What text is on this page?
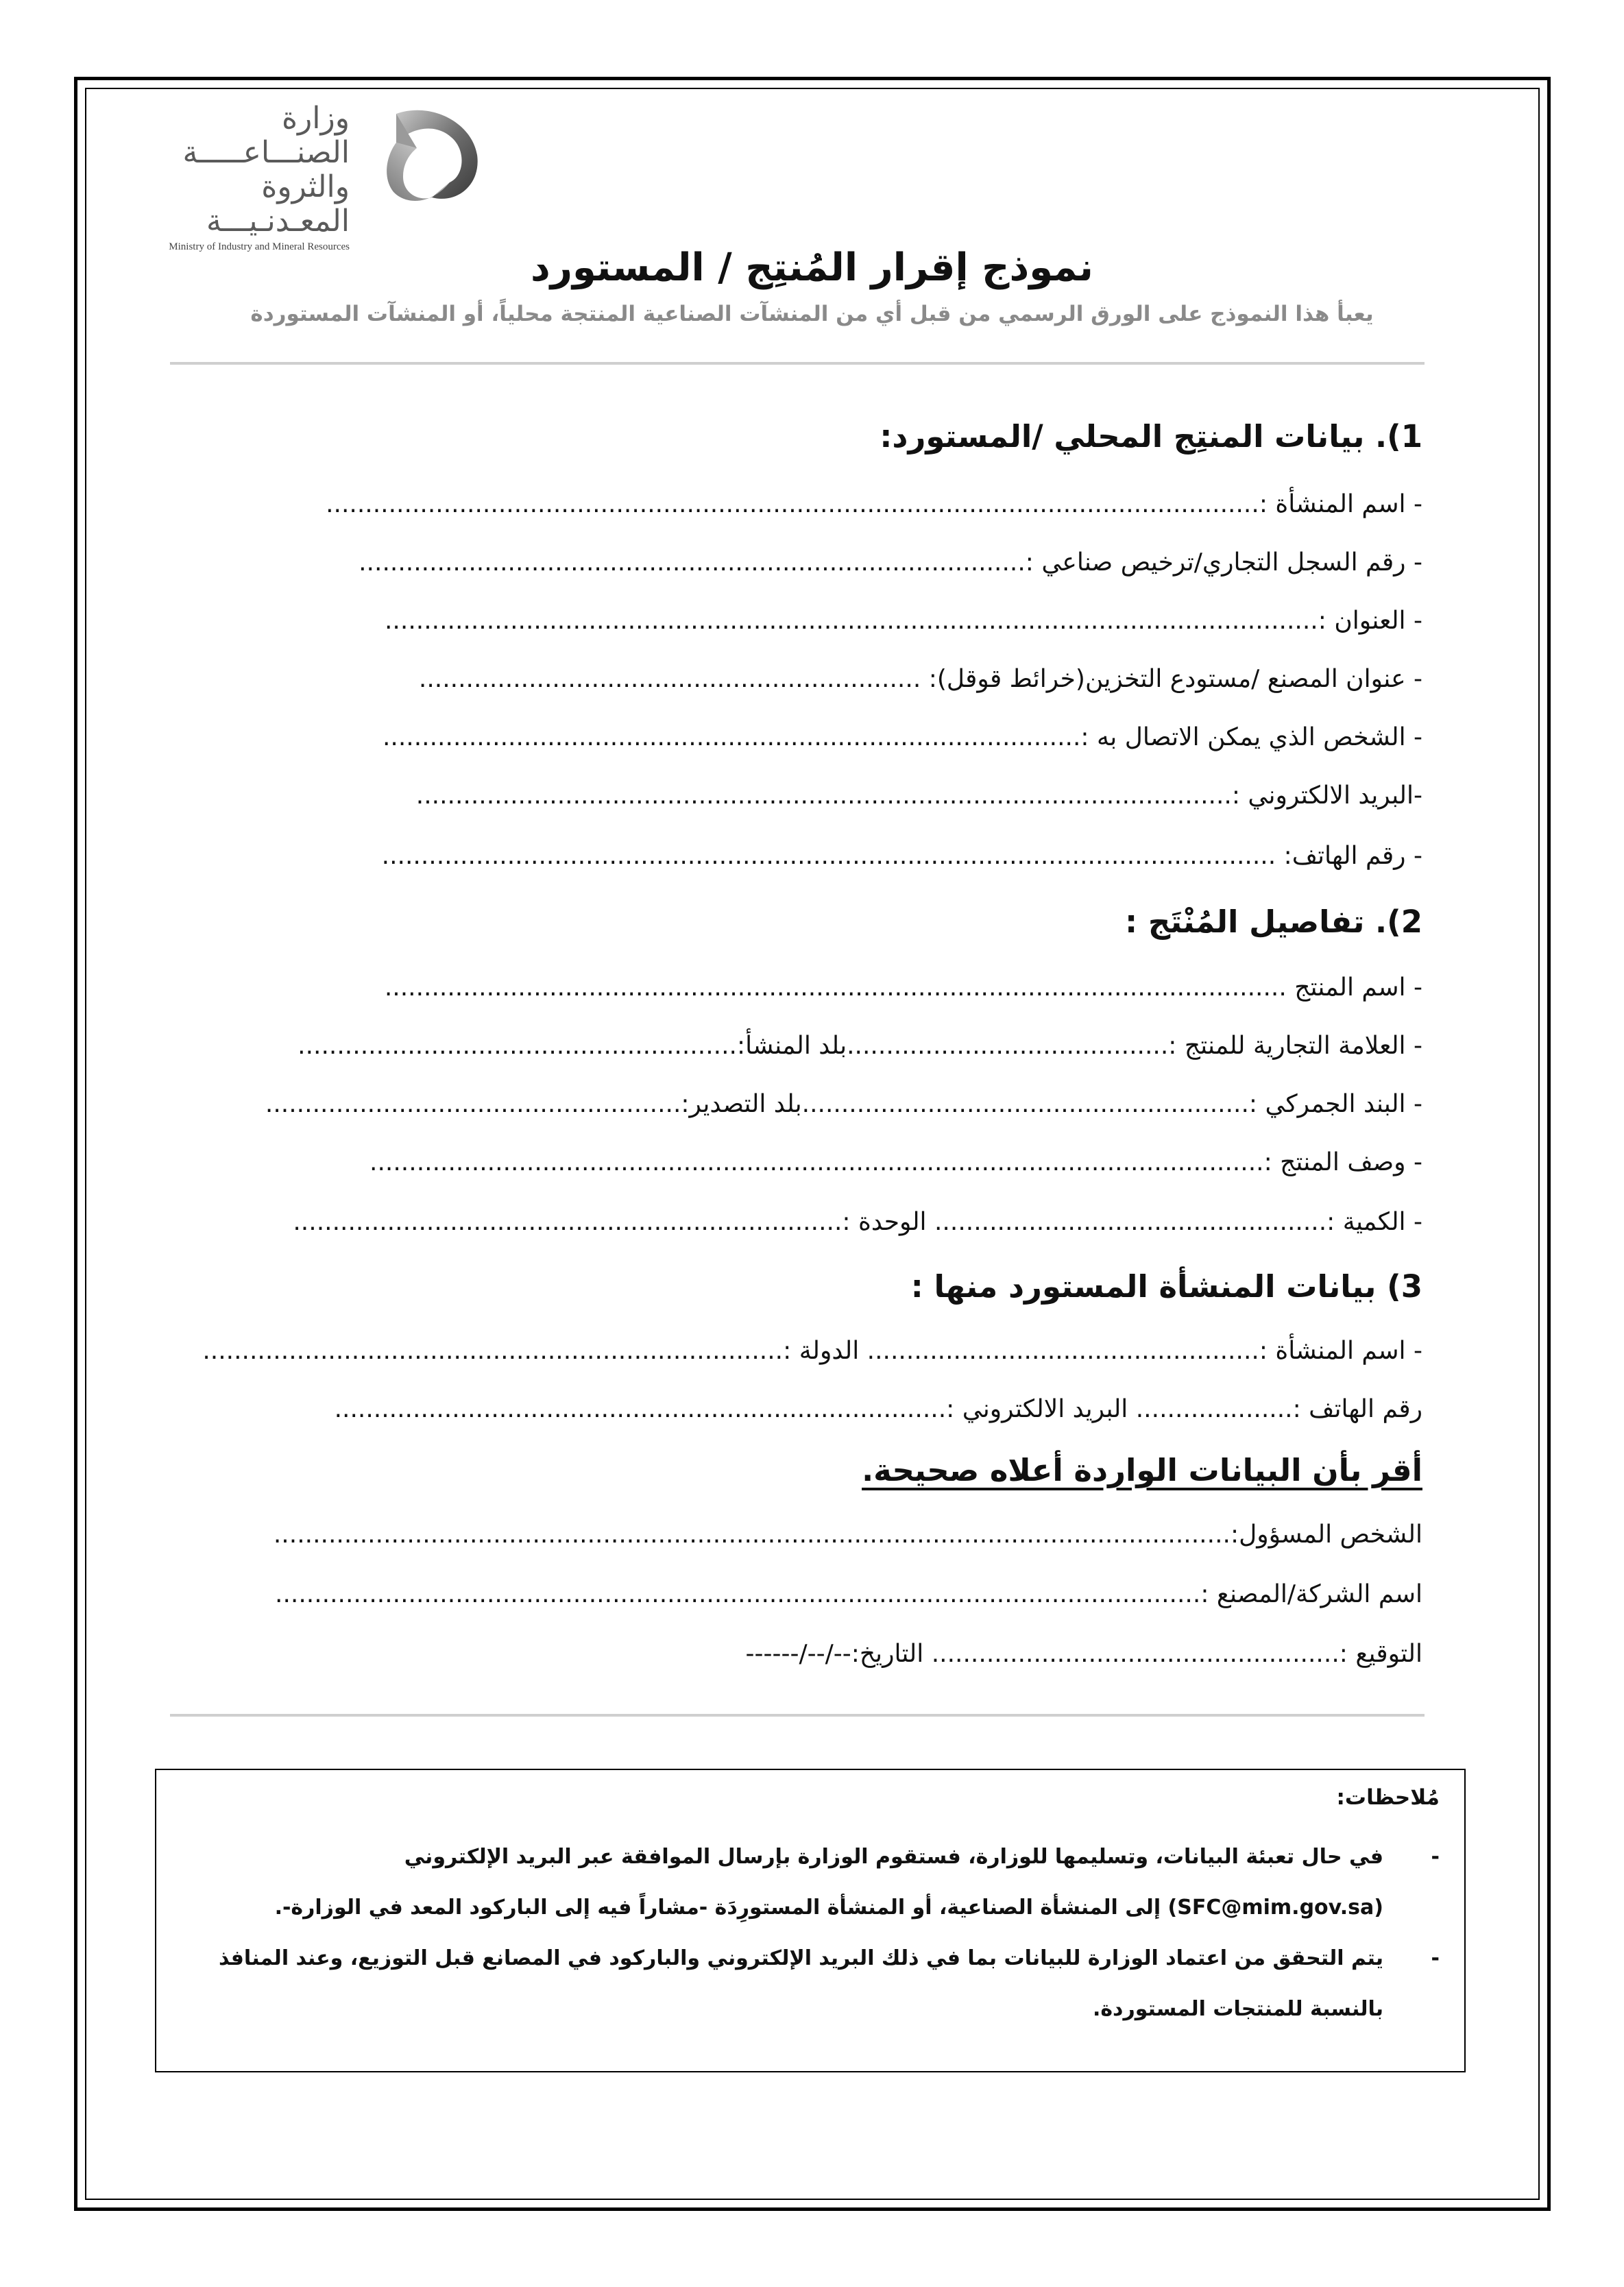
وزارة الصنـــاعـــــة
والثروة المعـدنـيـــة
Ministry of Industry and Mineral Resources	نموذج إقرار المُنتِج / المستورد
يعبأ هذا النموذج على الورق الرسمي من قبل أي من المنشآت الصناعية المنتجة محلياً، أو المنشآت المستوردة
1). بيانات المنتِج المحلي /المستورد:
- اسم المنشأة :.......................................................................................................................
- رقم السجل التجاري/ترخيص صناعي :.....................................................................................
- العنوان :.......................................................................................................................
- عنوان المصنع /مستودع التخزين(خرائط قوقل): ................................................................
- الشخص الذي يمكن الاتصال به :.........................................................................................
-البريد الالكتروني :........................................................................................................
- رقم الهاتف: ..................................................................................................................
2). تفاصيل المُنْتَج :
- اسم المنتج ...................................................................................................................
- العلامة التجارية للمنتج :.........................................بلد المنشأ:........................................................
- البند الجمركي :.........................................................بلد التصدير:.....................................................
- وصف المنتج :..................................................................................................................
- الكمية :.................................................. الوحدة :......................................................................
3) بيانات المنشأة المستورد منها :
- اسم المنشأة :.................................................. الدولة :..........................................................................
رقم الهاتف :.................... البريد الالكتروني :..............................................................................
أقر بأن البيانات الواردة أعلاه صحيحة.
الشخص المسؤول:..........................................................................................................................
اسم الشركة/المصنع :......................................................................................................................
التوقيع :.................................................... التاريخ:--/--/------
مُلاحظات:
-
في حال تعبئة البيانات، وتسليمها للوزارة، فستقوم الوزارة بإرسال الموافقة عبر البريد الإلكتروني (SFC@mim.gov.sa) إلى المنشأة الصناعية، أو المنشأة المستورِدَة -مشاراً فيه إلى الباركود المعد في الوزارة-.
-
يتم التحقق من اعتماد الوزارة للبيانات بما في ذلك البريد الإلكتروني والباركود في المصانع قبل التوزيع، وعند المنافذ بالنسبة للمنتجات المستوردة.
